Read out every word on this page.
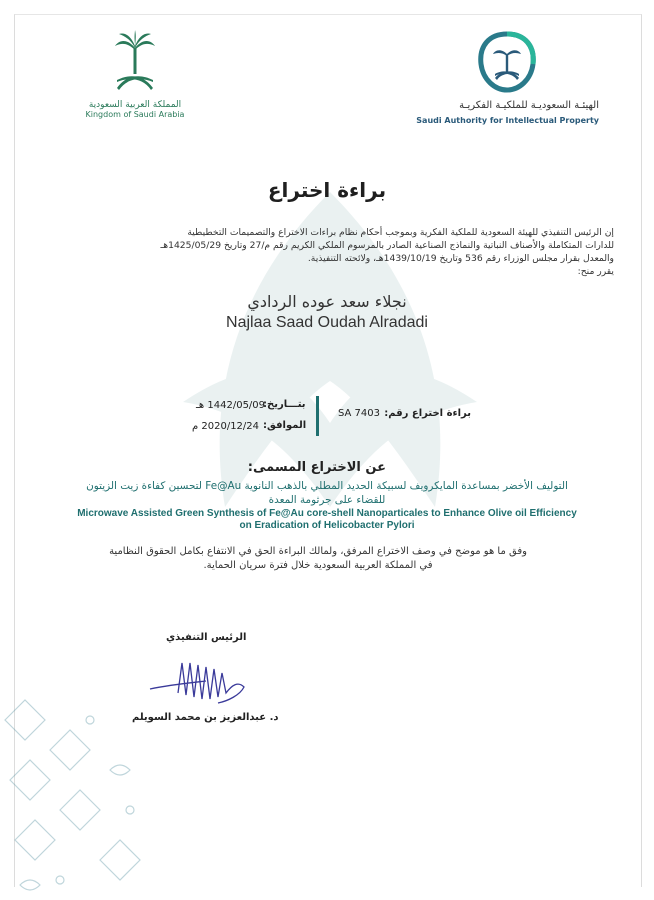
المملكة العربية السعودية
Kingdom of Saudi Arabia
الهيئـة السعوديـة للملكيـة الفكريـة
Saudi Authority for Intellectual Property
براءة اختراع
إن الرئيس التنفيذي للهيئة السعودية للملكية الفكرية وبموجب أحكام نظام براءات الاختراع والتصميمات التخطيطية
للدارات المتكاملة والأصناف النباتية والنماذج الصناعية الصادر بالمرسوم الملكي الكريم رقم م/27 وتاريخ 1425/05/29هـ
والمعدل بقرار مجلس الوزراء رقم 536 وتاريخ 1439/10/19هـ، ولائحته التنفيذية.
يقرر منح:
نجلاء سعد عوده الردادي
Najlaa Saad Oudah Alradadi
براءة اختراع رقم:
SA 7403
بتـــاريخ:
1442/05/09 هـ
الموافق:
2020/12/24 م
عن الاختراع المسمى:
التوليف الأخضر بمساعدة المايكرويف لسبيكة الحديد المطلي بالذهب النانوية Fe@Au لتحسين كفاءة زيت الزيتون
للقضاء على جرثومة المعدة
Microwave Assisted Green Synthesis of Fe@Au core-shell Nanoparticales to Enhance Olive oil Efficiency
on Eradication of Helicobacter Pylori
وفق ما هو موضح في وصف الاختراع المرفق، ولمالك البراءة الحق في الانتفاع بكامل الحقوق النظامية
في المملكة العربية السعودية خلال فترة سريان الحماية.
الرئيس التنفيذي
د. عبدالعزيز بن محمد السويلم
